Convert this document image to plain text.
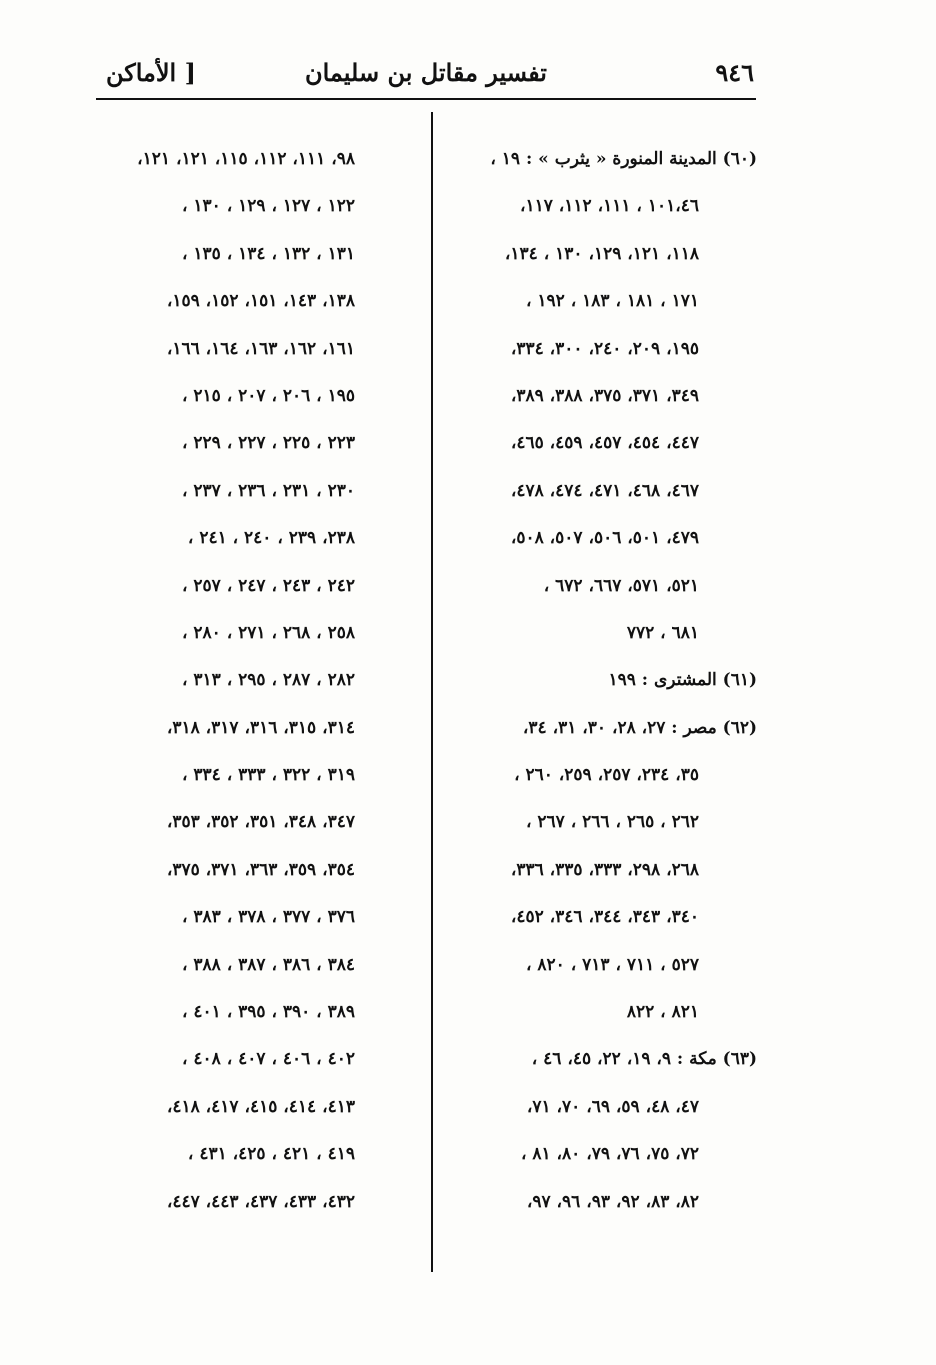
٩٤٦
تفسير مقاتل بن سليمان
[ الأماكن
(٦٠) المدينة المنورة « يثرب » : ١٩ ،
١٠١،٤٦ ، ١١١، ١١٢، ١١٧،
١١٨، ١٢١، ١٢٩، ١٣٠ ، ١٣٤،
١٧١ ، ١٨١ ، ١٨٣ ، ١٩٢ ،
١٩٥، ٢٠٩، ٢٤٠، ٣٠٠، ٣٣٤،
٣٤٩، ٣٧١، ٣٧٥، ٣٨٨، ٣٨٩،
٤٤٧، ٤٥٤، ٤٥٧، ٤٥٩، ٤٦٥،
٤٦٧، ٤٦٨، ٤٧١، ٤٧٤، ٤٧٨،
٤٧٩، ٥٠١، ٥٠٦، ٥٠٧، ٥٠٨،
٥٢١، ٥٧١، ٦٦٧، ٦٧٢ ،
٦٨١ ، ٧٧٢
(٦١) المشترى : ١٩٩
(٦٢) مصر : ٢٧، ٢٨، ٣٠، ٣١، ٣٤،
٣٥، ٢٣٤، ٢٥٧، ٢٥٩، ٢٦٠ ،
٢٦٢ ، ٢٦٥ ، ٢٦٦ ، ٢٦٧ ،
٢٦٨، ٢٩٨، ٣٣٣، ٣٣٥، ٣٣٦،
٣٤٠، ٣٤٣، ٣٤٤، ٣٤٦، ٤٥٢،
٥٢٧ ، ٧١١ ، ٧١٣ ، ٨٢٠ ،
٨٢١ ، ٨٢٢
(٦٣) مكة : ٩، ١٩، ٢٢، ٤٥، ٤٦ ،
٤٧، ٤٨، ٥٩، ٦٩، ٧٠، ٧١،
٧٢، ٧٥، ٧٦، ٧٩، ٨٠، ٨١ ،
٨٢، ٨٣، ٩٢، ٩٣، ٩٦، ٩٧،
٩٨، ١١١، ١١٢، ١١٥، ١٢١، ١٢١،
١٢٢ ، ١٢٧ ، ١٢٩ ، ١٣٠ ،
١٣١ ، ١٣٢ ، ١٣٤ ، ١٣٥ ،
١٣٨، ١٤٣، ١٥١، ١٥٢، ١٥٩،
١٦١، ١٦٢، ١٦٣، ١٦٤، ١٦٦،
١٩٥ ، ٢٠٦ ، ٢٠٧ ، ٢١٥ ،
٢٢٣ ، ٢٢٥ ، ٢٢٧ ، ٢٢٩ ،
٢٣٠ ، ٢٣١ ، ٢٣٦ ، ٢٣٧ ،
٢٣٨، ٢٣٩ ، ٢٤٠ ، ٢٤١ ،
٢٤٢ ، ٢٤٣ ، ٢٤٧ ، ٢٥٧ ،
٢٥٨ ، ٢٦٨ ، ٢٧١ ، ٢٨٠ ،
٢٨٢ ، ٢٨٧ ، ٢٩٥ ، ٣١٣ ،
٣١٤، ٣١٥، ٣١٦، ٣١٧، ٣١٨،
٣١٩ ، ٣٢٢ ، ٣٣٣ ، ٣٣٤ ،
٣٤٧، ٣٤٨، ٣٥١، ٣٥٢، ٣٥٣،
٣٥٤، ٣٥٩، ٣٦٣، ٣٧١، ٣٧٥،
٣٧٦ ، ٣٧٧ ، ٣٧٨ ، ٣٨٣ ،
٣٨٤ ، ٣٨٦ ، ٣٨٧ ، ٣٨٨ ،
٣٨٩ ، ٣٩٠ ، ٣٩٥ ، ٤٠١ ،
٤٠٢ ، ٤٠٦ ، ٤٠٧ ، ٤٠٨ ،
٤١٣، ٤١٤، ٤١٥، ٤١٧، ٤١٨،
٤١٩ ، ٤٢١ ، ٤٢٥، ٤٣١ ،
٤٣٢، ٤٣٣، ٤٣٧، ٤٤٣، ٤٤٧،
